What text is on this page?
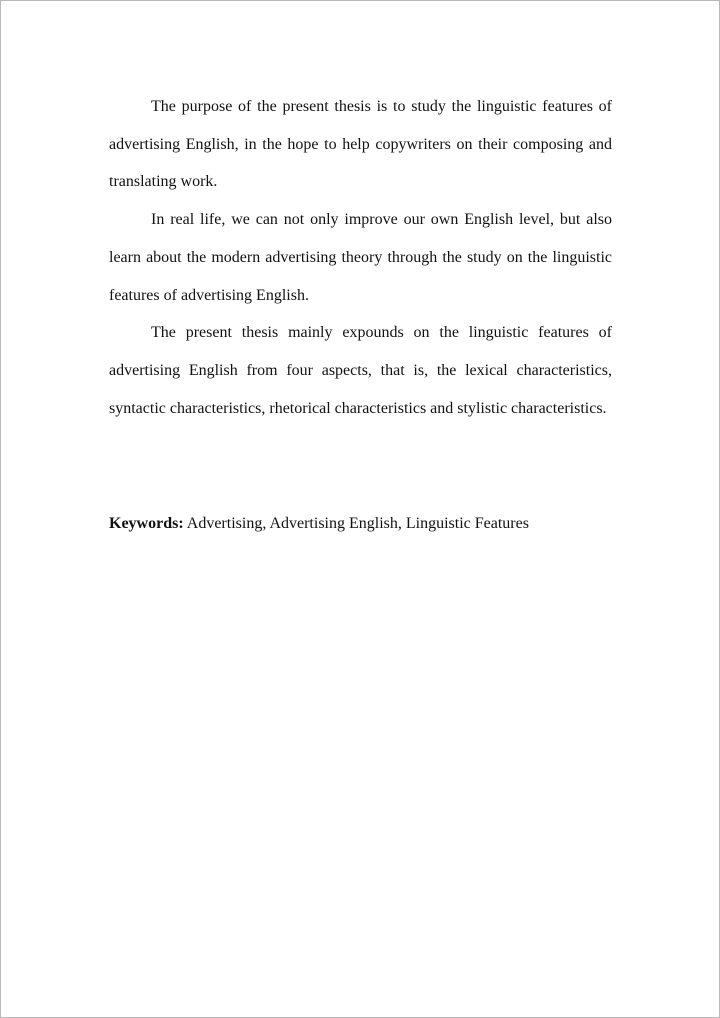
The purpose of the present thesis is to study the linguistic features of advertising English, in the hope to help copywriters on their composing and translating work.

In real life, we can not only improve our own English level, but also learn about the modern advertising theory through the study on the linguistic features of advertising English.

The present thesis mainly expounds on the linguistic features of advertising English from four aspects, that is, the lexical characteristics, syntactic characteristics, rhetorical characteristics and stylistic characteristics.

Keywords: Advertising, Advertising English, Linguistic Features
